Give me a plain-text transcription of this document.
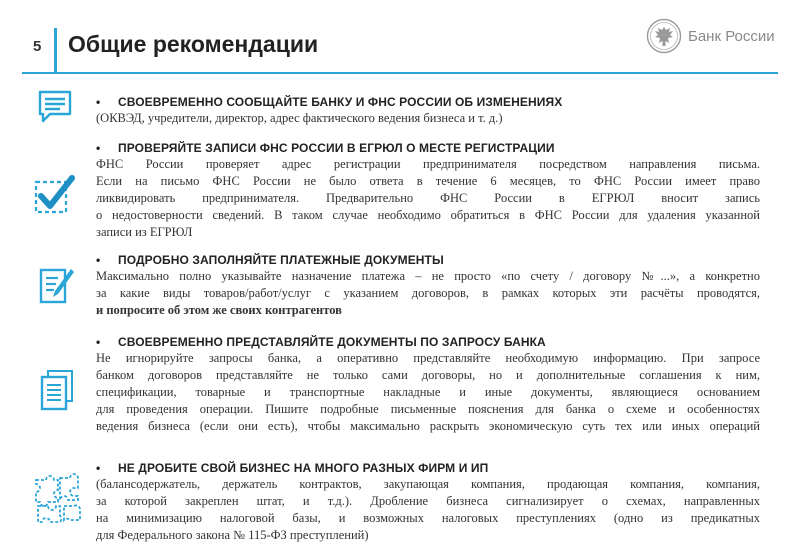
5 Общие рекомендации	Банк России
• СВОЕВРЕМЕННО СООБЩАЙТЕ БАНКУ И ФНС РОССИИ ОБ ИЗМЕНЕНИЯХ
(ОКВЭД, учредители, директор, адрес фактического ведения бизнеса и т. д.)
• ПРОВЕРЯЙТЕ ЗАПИСИ ФНС РОССИИ В ЕГРЮЛ О МЕСТЕ РЕГИСТРАЦИИ
ФНС России проверяет адрес регистрации предпринимателя посредством направления письма.
Если на письмо ФНС России не было ответа в течение 6 месяцев, то ФНС России имеет право
ликвидировать предпринимателя. Предварительно ФНС России в ЕГРЮЛ вносит запись
о недостоверности сведений. В таком случае необходимо обратиться в ФНС России для удаления указанной
записи из ЕГРЮЛ
• ПОДРОБНО ЗАПОЛНЯЙТЕ ПЛАТЕЖНЫЕ ДОКУМЕНТЫ
Максимально полно указывайте назначение платежа – не просто «по счету / договору №...», а конкретно
за какие виды товаров/работ/услуг с указанием договоров, в рамках которых эти расчёты проводятся,
и попросите об этом же своих контрагентов
• СВОЕВРЕМЕННО ПРЕДСТАВЛЯЙТЕ ДОКУМЕНТЫ ПО ЗАПРОСУ БАНКА
Не игнорируйте запросы банка, а оперативно представляйте необходимую информацию. При запросе
банком договоров представляйте не только сами договоры, но и дополнительные соглашения к ним,
спецификации, товарные и транспортные накладные и иные документы, являющиеся основанием
для проведения операции. Пишите подробные письменные пояснения для банка о схеме и особенностях
ведения бизнеса (если они есть), чтобы максимально раскрыть экономическую суть тех или иных операций
• НЕ ДРОБИТЕ СВОЙ БИЗНЕС НА МНОГО РАЗНЫХ ФИРМ И ИП
(балансодержатель, держатель контрактов, закупающая компания, продающая компания, компания,
за которой закреплен штат, и т.д.). Дробление бизнеса сигнализирует о схемах, направленных
на минимизацию налоговой базы, и возможных налоговых преступлениях (одно из предикатных
для Федерального закона № 115-ФЗ преступлений)
